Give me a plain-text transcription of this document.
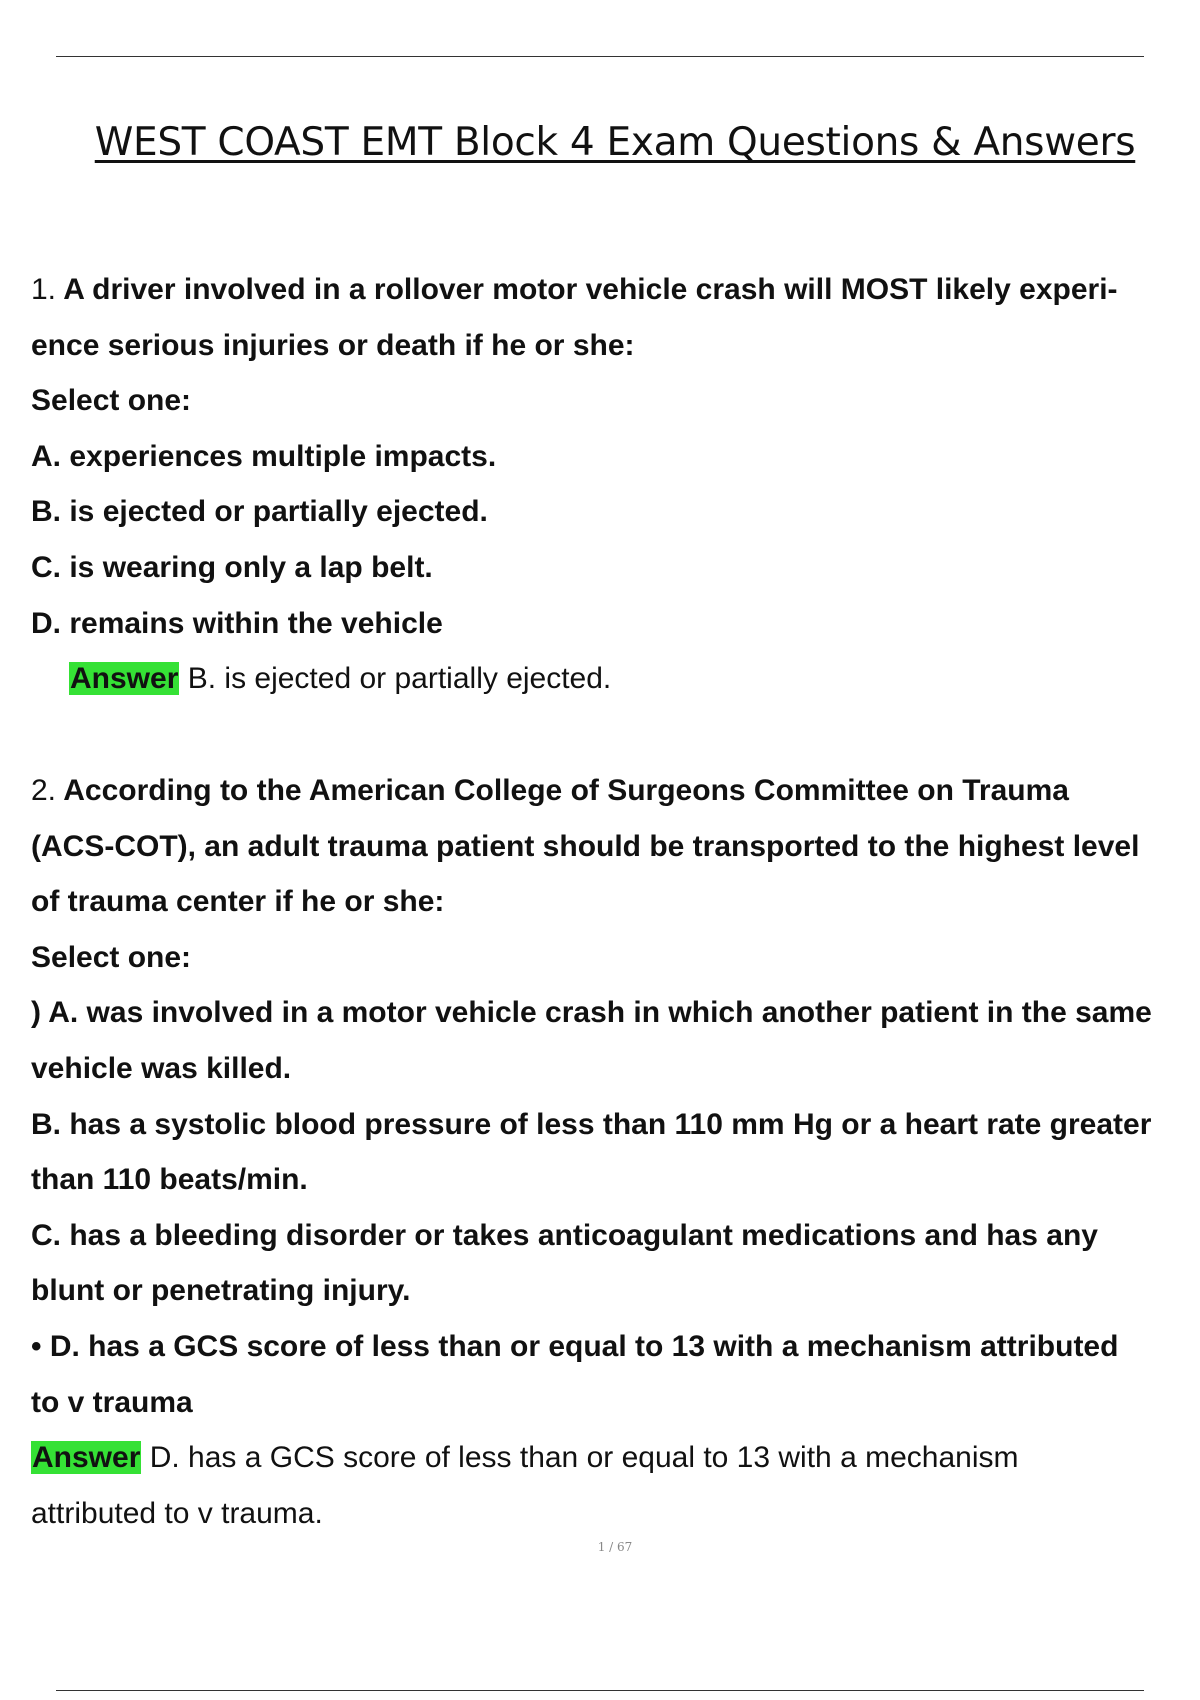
WEST COAST EMT Block 4 Exam Questions & Answers
1. A driver involved in a rollover motor vehicle crash will MOST likely experi-
ence serious injuries or death if he or she:
Select one:
A. experiences multiple impacts.
B. is ejected or partially ejected.
C. is wearing only a lap belt.
D. remains within the vehicle
Answer B. is ejected or partially ejected.
2. According to the American College of Surgeons Committee on Trauma
(ACS-COT), an adult trauma patient should be transported to the highest level
of trauma center if he or she:
Select one:
) A. was involved in a motor vehicle crash in which another patient in the same
vehicle was killed.
B. has a systolic blood pressure of less than 110 mm Hg or a heart rate greater
than 110 beats/min.
C. has a bleeding disorder or takes anticoagulant medications and has any
blunt or penetrating injury.
• D. has a GCS score of less than or equal to 13 with a mechanism attributed
to v trauma
Answer D. has a GCS score of less than or equal to 13 with a mechanism
attributed to v trauma.
1 / 67
